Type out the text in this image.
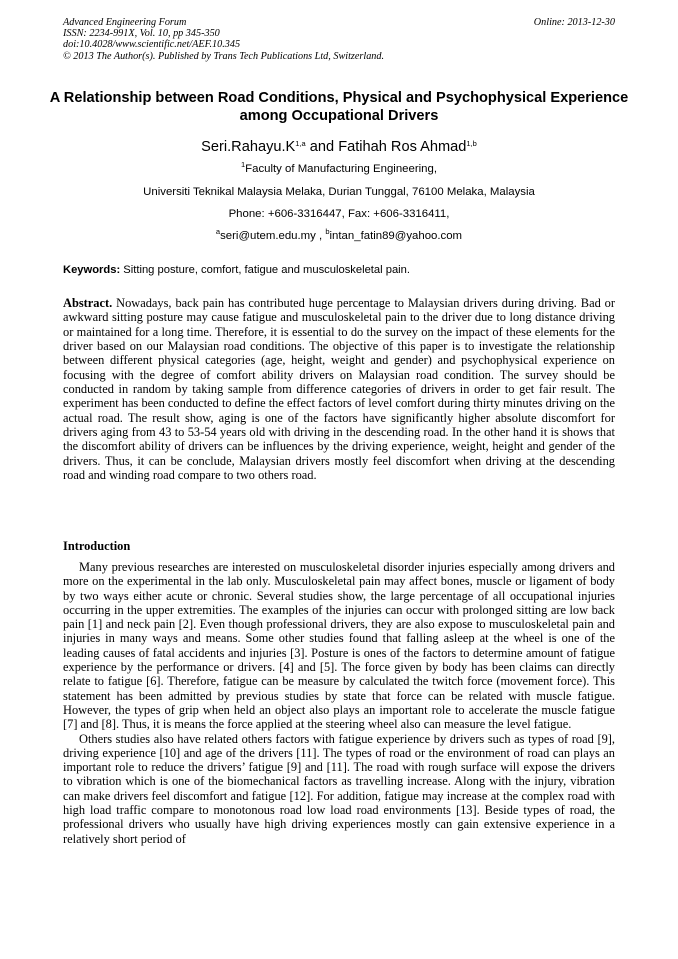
Advanced Engineering Forum
ISSN: 2234-991X, Vol. 10, pp 345-350
doi:10.4028/www.scientific.net/AEF.10.345
© 2013 The Author(s). Published by Trans Tech Publications Ltd, Switzerland.
Online: 2013-12-30
A Relationship between Road Conditions, Physical and Psychophysical Experience among Occupational Drivers
$Seri.Rahayu.K^{1,a}$ and Fatihah Ros Ahmad$^{1,b}$
$^1$Faculty of Manufacturing Engineering,
Universiti Teknikal Malaysia Melaka, Durian Tunggal, 76100 Melaka, Malaysia
Phone: +606-3316447, Fax: +606-3316411,
$^a$seri@utem.edu.my , $^b$intan_fatin89@yahoo.com
Keywords: Sitting posture, comfort, fatigue and musculoskeletal pain.
Abstract. Nowadays, back pain has contributed huge percentage to Malaysian drivers during driving. Bad or awkward sitting posture may cause fatigue and musculoskeletal pain to the driver due to long distance driving or maintained for a long time. Therefore, it is essential to do the survey on the impact of these elements for the driver based on our Malaysian road conditions. The objective of this paper is to investigate the relationship between different physical categories (age, height, weight and gender) and psychophysical experience on focusing with the degree of comfort ability drivers on Malaysian road condition. The survey should be conducted in random by taking sample from difference categories of drivers in order to get fair result. The experiment has been conducted to define the effect factors of level comfort during thirty minutes driving on the actual road. The result show, aging is one of the factors have significantly higher absolute discomfort for drivers aging from 43 to 53-54 years old with driving in the descending road. In the other hand it is shows that the discomfort ability of drivers can be influences by the driving experience, weight, height and gender of the drivers. Thus, it can be conclude, Malaysian drivers mostly feel discomfort when driving at the descending road and winding road compare to two others road.
Introduction

Many previous researches are interested on musculoskeletal disorder injuries especially among drivers and more on the experimental in the lab only. Musculoskeletal pain may affect bones, muscle or ligament of body by two ways either acute or chronic. Several studies show, the large percentage of all occupational injuries occurring in the upper extremities. The examples of the injuries can occur with prolonged sitting are low back pain [1] and neck pain [2]. Even though professional drivers, they are also expose to musculoskeletal pain and injuries in many ways and means. Some other studies found that falling asleep at the wheel is one of the leading causes of fatal accidents and injuries [3]. Posture is ones of the factors to determine amount of fatigue experience by the performance or drivers. [4] and [5]. The force given by body has been claims can directly relate to fatigue [6]. Therefore, fatigue can be measure by calculated the twitch force (movement force). This statement has been admitted by previous studies by state that force can be related with muscle fatigue. However, the types of grip when held an object also plays an important role to accelerate the muscle fatigue [7] and [8]. Thus, it is means the force applied at the steering wheel also can measure the level fatigue.

Others studies also have related others factors with fatigue experience by drivers such as types of road [9], driving experience [10] and age of the drivers [11]. The types of road or the environment of road can plays an important role to reduce the drivers’ fatigue [9] and [11]. The road with rough surface will expose the drivers to vibration which is one of the biomechanical factors as travelling increase. Along with the injury, vibration can make drivers feel discomfort and fatigue [12]. For addition, fatigue may increase at the complex road with high load traffic compare to monotonous road low load road environments [13]. Beside types of road, the professional drivers who usually have high driving experiences mostly can gain extensive experience in a relatively short period of
